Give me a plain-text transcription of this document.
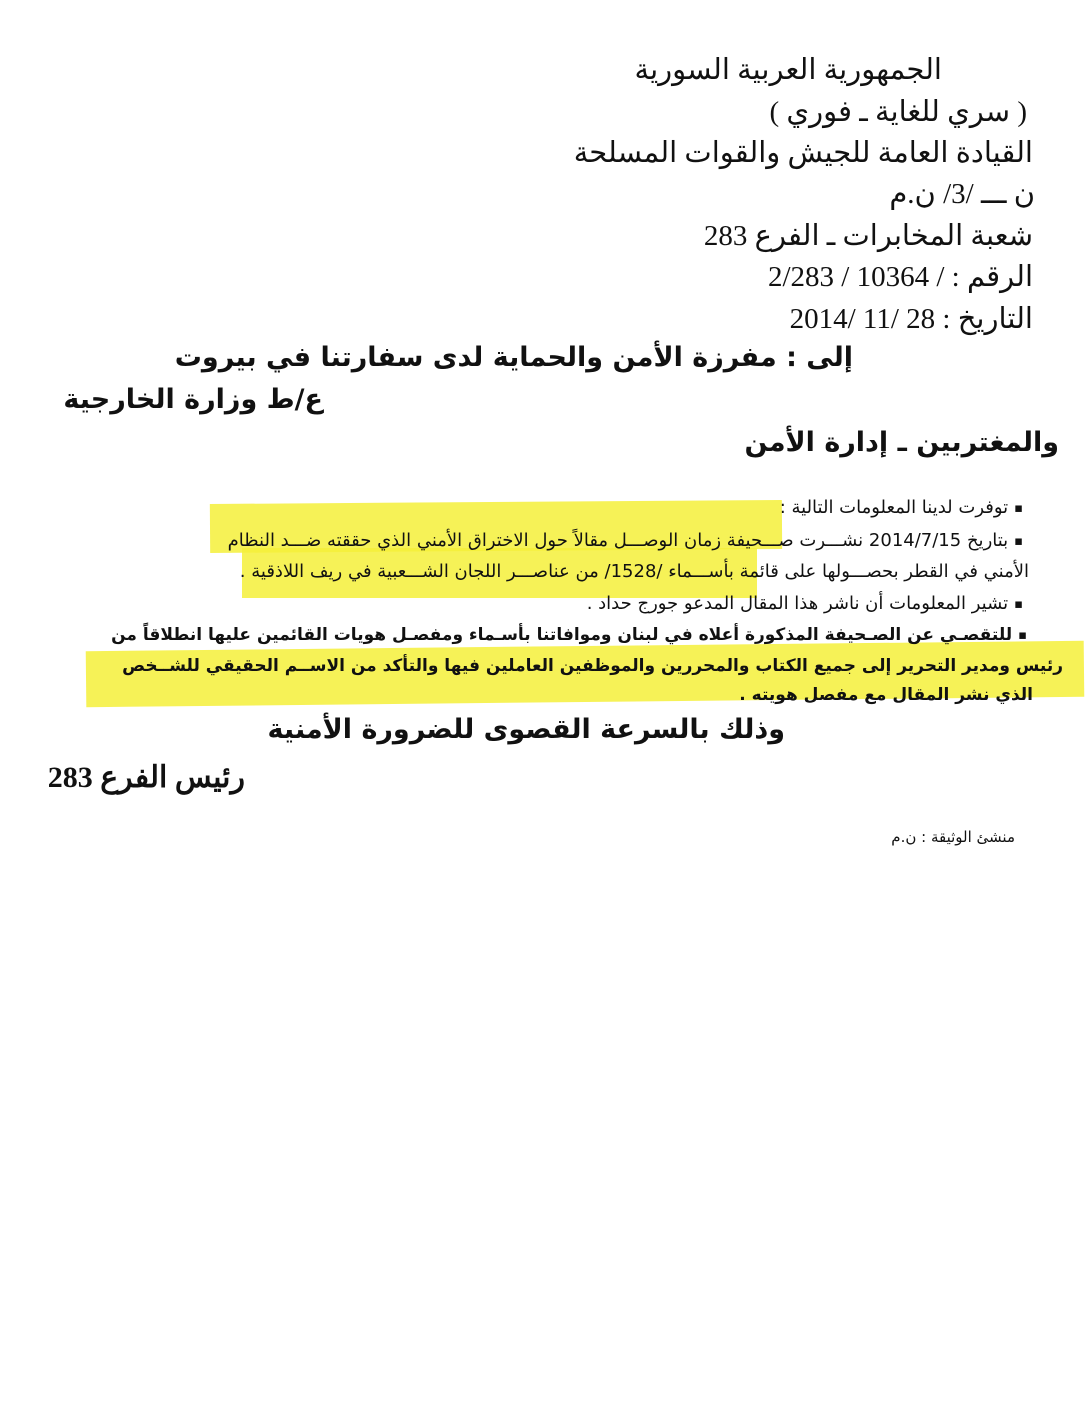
الجمهورية العربية السورية
( سري للغاية ـ فوري )
القيادة العامة للجيش والقوات المسلحة
ن ـــ /3/ ن.م
شعبة المخابرات ـ الفرع 283
الرقم : / 10364 / 2/283
التاريخ : 28 /11 /2014
إلى : مفرزة الأمن والحماية لدى سفارتنا في بيروت
ع/ط وزارة الخارجية
والمغتربين ـ إدارة الأمن
▪توفرت لدينا المعلومات التالية :
▪بتاريخ 2014/7/15 نشـــرت صـــحيفة زمان الوصـــل مقالاً حول الاختراق الأمني الذي حققته ضـــد النظام
الأمني في القطر بحصـــولها على قائمة بأســـماء /1528/ من عناصـــر اللجان الشـــعبية في ريف اللاذقية .
▪تشير المعلومات أن ناشر هذا المقال المدعو جورج حداد .
▪للتقصـي عن الصـحيفة المذكورة أعلاه في لبنان وموافاتنا بأسـماء ومفصـل هويات القائمين عليها انطلاقاً من
رئيس ومدير التحرير إلى جميع الكتاب والمحررين والموظفين العاملين فيها والتأكد من الاســم الحقيقي للشــخص
الذي نشر المقال مع مفصل هويته .
وذلك بالسرعة القصوى للضرورة الأمنية
رئيس الفرع 283
منشئ الوثيقة : ن.م
